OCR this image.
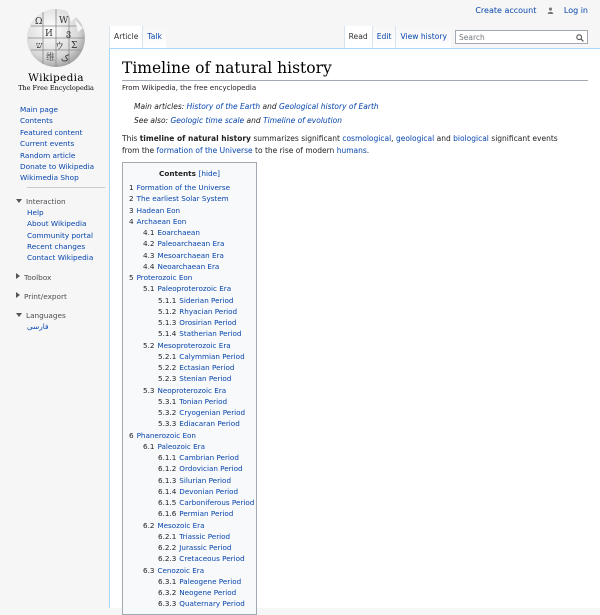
Create account	Log in
Ω W
И ვ
ש ウ Σ
维 ک
Wikipedia
The Free Encyclopedia
Main page
Contents
Featured content
Current events
Random article
Donate to Wikipedia
Wikimedia Shop
Interaction
Help
About Wikipedia
Community portal
Recent changes
Contact Wikipedia
Toolbox
Print/export
Languages
فارسی
Article	Talk	Read	Edit	View history	Search
Timeline of natural history
From Wikipedia, the free encyclopedia
Main articles: History of the Earth and Geological history of Earth
See also: Geologic time scale and Timeline of evolution
This timeline of natural history summarizes significant cosmological, geological and biological significant events from the formation of the Universe to the rise of modern humans.
Contents [hide]
1 Formation of the Universe
2 The earliest Solar System
3 Hadean Eon
4 Archaean Eon
4.1 Eoarchaean
4.2 Paleoarchaean Era
4.3 Mesoarchaean Era
4.4 Neoarchaean Era
5 Proterozoic Eon
5.1 Paleoproterozoic Era
5.1.1 Siderian Period
5.1.2 Rhyacian Period
5.1.3 Orosirian Period
5.1.4 Statherian Period
5.2 Mesoproterozoic Era
5.2.1 Calymmian Period
5.2.2 Ectasian Period
5.2.3 Stenian Period
5.3 Neoproterozoic Era
5.3.1 Tonian Period
5.3.2 Cryogenian Period
5.3.3 Ediacaran Period
6 Phanerozoic Eon
6.1 Paleozoic Era
6.1.1 Cambrian Period
6.1.2 Ordovician Period
6.1.3 Silurian Period
6.1.4 Devonian Period
6.1.5 Carboniferous Period
6.1.6 Permian Period
6.2 Mesozoic Era
6.2.1 Triassic Period
6.2.2 Jurassic Period
6.2.3 Cretaceous Period
6.3 Cenozoic Era
6.3.1 Paleogene Period
6.3.2 Neogene Period
6.3.3 Quaternary Period
